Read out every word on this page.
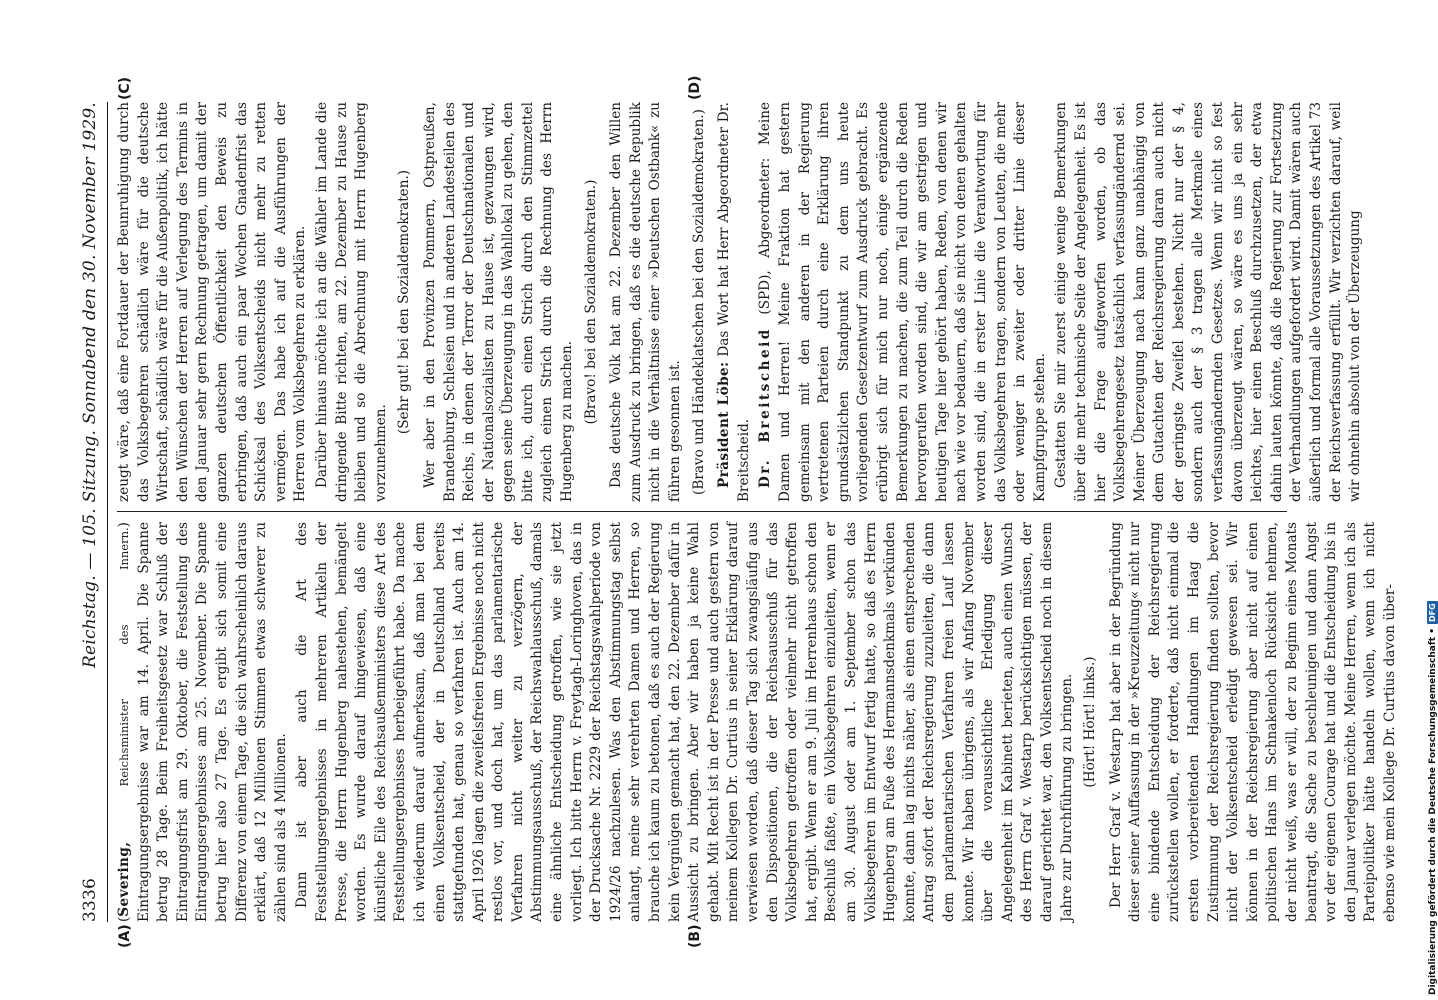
3336
Reichstag. — 105. Sitzung. Sonnabend den 30. November 1929.
(A)	(B)
(C)	(D)

(Severing, Reichsminister des Innern.) Eintragungsergebnisse war am 14. April. Die Spanne betrug 28 Tage. Beim Freiheitsgesetz war Schluß der Eintragungsfrist am 29. Oktober, die Feststellung des Eintragungsergebnisses am 25. November. Die Spanne betrug hier also 27 Tage. Es ergibt sich somit eine Differenz von einem Tage, die sich wahrscheinlich daraus erklärt, daß 12 Millionen Stimmen etwas schwerer zu zählen sind als 4 Millionen. Dann ist aber auch die Art des Feststellungsergebnisses in mehreren Artikeln der Presse, die Herrn Hugenberg nahestehen, bemängelt worden. Es wurde darauf hingewiesen, daß eine künstliche Eile des Reichsaußenministers diese Art des Feststellungsergebnisses herbeigeführt habe. Da mache ich wiederum darauf aufmerksam, daß man bei dem einen Volksentscheid, der in Deutschland bereits stattgefunden hat, genau so verfahren ist. Auch am 14. April 1926 lagen die zweifelsfreien Ergebnisse noch nicht restlos vor, und doch hat, um das parlamentarische Verfahren nicht weiter zu verzögern, der Abstimmungsausschuß, der Reichswahlausschuß, damals eine ähnliche Entscheidung getroffen, wie sie jetzt vorliegt. Ich bitte Herrn v. Freytagh-Loringhoven, das in der Drucksache Nr. 2229 der Reichstagswahlperiode von 1924/26 nachzulesen. Was den Abstimmungstag selbst anlangt, meine sehr verehrten Damen und Herren, so brauche ich kaum zu betonen, daß es auch der Regierung kein Vergnügen gemacht hat, den 22. Dezember dafür in Aussicht zu bringen. Aber wir haben ja keine Wahl gehabt. Mit Recht ist in der Presse und auch gestern von meinem Kollegen Dr. Curtius in seiner Erklärung darauf verwiesen worden, daß dieser Tag sich zwangsläufig aus den Dispositionen, die der Reichsausschuß für das Volksbegehren getroffen oder vielmehr nicht getroffen hat, ergibt. Wenn er am 9. Juli im Herrenhaus schon den Beschluß faßte, ein Volksbegehren einzuleiten, wenn er am 30. August oder am 1. September schon das Volksbegehren im Entwurf fertig hatte, so daß es Herrn Hugenberg am Fuße des Hermannsdenkmals verkünden konnte, dann lag nichts näher, als einen entsprechenden Antrag sofort der Reichsregierung zuzuleiten, die dann dem parlamentarischen Verfahren freien Lauf lassen konnte. Wir haben übrigens, als wir Anfang November über die voraussichtliche Erledigung dieser Angelegenheit im Kabinett berieten, auch einen Wunsch des Herrn Graf v. Westarp berücksichtigen müssen, der darauf gerichtet war, den Volksentscheid noch in diesem Jahre zur Durchführung zu bringen. (Hört! Hört! links.) Der Herr Graf v. Westarp hat aber in der Begründung dieser seiner Auffassung in der »Kreuzzeitung« nicht nur eine bindende Entscheidung der Reichsregierung zurückstellen wollen, er forderte, daß nicht einmal die ersten vorbereitenden Handlungen im Haag die Zustimmung der Reichsregierung finden sollten, bevor nicht der Volksentscheid erledigt gewesen sei. Wir können in der Reichsregierung aber nicht auf einen politischen Hans im Schnakenloch Rücksicht nehmen, der nicht weiß, was er will, der zu Beginn eines Monats beantragt, die Sache zu beschleunigen und dann Angst vor der eigenen Courage hat und die Entscheidung bis in den Januar verlegen möchte. Meine Herren, wenn ich als Parteipolitiker hätte handeln wollen, wenn ich nicht ebenso wie mein Kollege Dr. Curtius davon über-

zeugt wäre, daß eine Fortdauer der Beunruhigung durch das Volksbegehren schädlich wäre für die deutsche Wirtschaft, schädlich wäre für die Außenpolitik, ich hätte den Wünschen der Herren auf Verlegung des Termins in den Januar sehr gern Rechnung getragen, um damit der ganzen deutschen Öffentlichkeit den Beweis zu erbringen, daß auch ein paar Wochen Gnadenfrist das Schicksal des Volksentscheids nicht mehr zu retten vermögen. Das habe ich auf die Ausführungen der Herren vom Volksbegehren zu erklären. Darüber hinaus möchte ich an die Wähler im Lande die dringende Bitte richten, am 22. Dezember zu Hause zu bleiben und so die Abrechnung mit Herrn Hugenberg vorzunehmen.

(Sehr gut! bei den Sozialdemokraten.) Wer aber in den Provinzen Pommern, Ostpreußen, Brandenburg, Schlesien und in anderen Landesteilen des Reichs, in denen der Terror der Deutschnationalen und der Nationalsozialisten zu Hause ist, gezwungen wird, gegen seine Überzeugung in das Wahllokal zu gehen, den bitte ich, durch einen Strich durch den Stimmzettel zugleich einen Strich durch die Rechnung des Herrn Hugenberg zu machen. (Bravo! bei den Sozialdemokraten.) Das deutsche Volk hat am 22. Dezember den Willen zum Ausdruck zu bringen, daß es die deutsche Republik nicht in die Verhältnisse einer »Deutschen Ostbank« zu führen gesonnen ist. (Bravo und Händeklatschen bei den Sozialdemokraten.) Präsident Löbe: Das Wort hat Herr Abgeordneter Dr. Breitscheid. Dr. Breitscheid (SPD), Abgeordneter: Meine Damen und Herren! Meine Fraktion hat gestern gemeinsam mit den anderen in der Regierung vertretenen Parteien durch eine Erklärung ihren grundsätzlichen Standpunkt zu dem uns heute vorliegenden Gesetzentwurf zum Ausdruck gebracht. Es erübrigt sich für mich nur noch, einige ergänzende Bemerkungen zu machen, die zum Teil durch die Reden hervorgerufen worden sind, die wir am gestrigen und heutigen Tage hier gehört haben, Reden, von denen wir nach wie vor bedauern, daß sie nicht von denen gehalten worden sind, die in erster Linie die Verantwortung für das Volksbegehren tragen, sondern von Leuten, die mehr oder weniger in zweiter oder dritter Linie dieser Kampfgruppe stehen. Gestatten Sie mir zuerst einige wenige Bemerkungen über die mehr technische Seite der Angelegenheit. Es ist hier die Frage aufgeworfen worden, ob das Volksbegehrengesetz tatsächlich verfassungändernd sei. Meiner Überzeugung nach kann ganz unabhängig von dem Gutachten der Reichsregierung daran auch nicht der geringste Zweifel bestehen. Nicht nur der § 4, sondern auch der § 3 tragen alle Merkmale eines verfassungändernden Gesetzes. Wenn wir nicht so fest davon überzeugt wären, so wäre es uns ja ein sehr leichtes, hier einen Beschluß durchzusetzen, der etwa dahin lauten könnte, daß die Regierung zur Fortsetzung der Verhandlungen aufgefordert wird. Damit wären auch äußerlich und formal alle Voraussetzungen des Artikel 73 der Reichsverfassung erfüllt. Wir verzichten darauf, weil wir ohnehin absolut von der Überzeugung

Digitalisierung gefördert durch die Deutsche Forschungsgemeinschaft •
DFG
